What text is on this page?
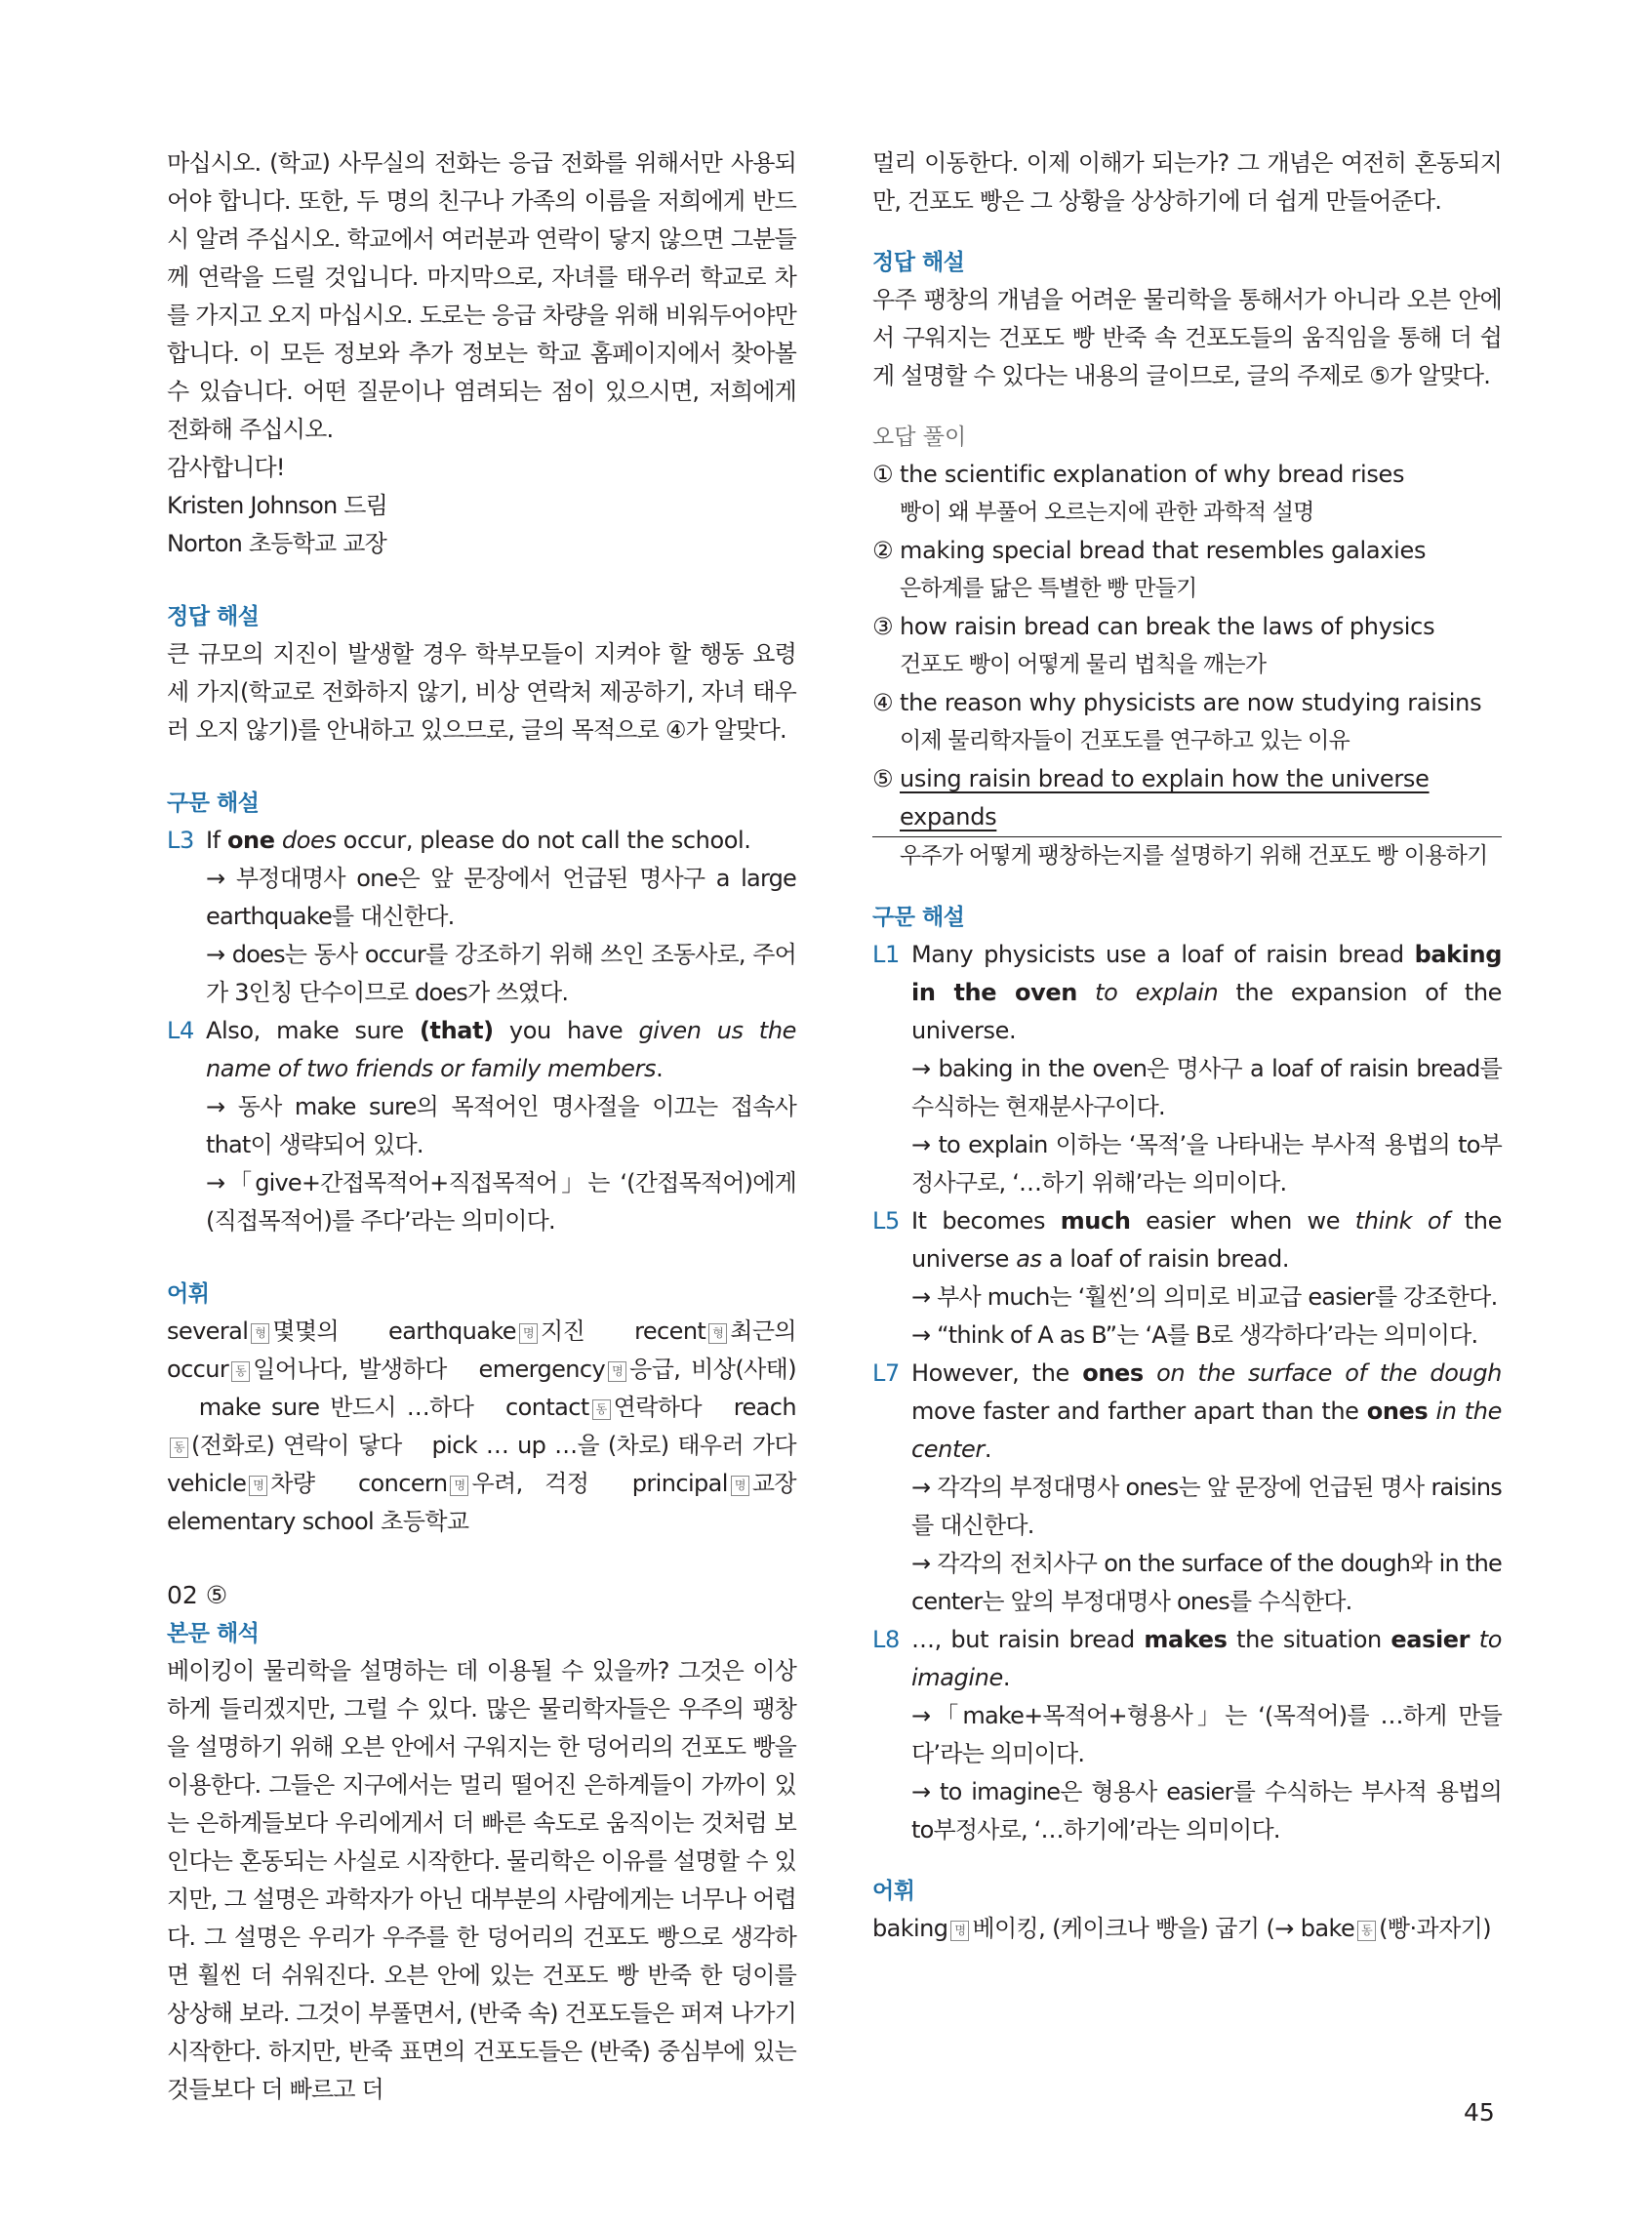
마십시오. (학교) 사무실의 전화는 응급 전화를 위해서만 사용되어야 합니다. 또한, 두 명의 친구나 가족의 이름을 저희에게 반드시 알려 주십시오. 학교에서 여러분과 연락이 닿지 않으면 그분들께 연락을 드릴 것입니다. 마지막으로, 자녀를 태우러 학교로 차를 가지고 오지 마십시오. 도로는 응급 차량을 위해 비워두어야만 합니다. 이 모든 정보와 추가 정보는 학교 홈페이지에서 찾아볼 수 있습니다. 어떤 질문이나 염려되는 점이 있으시면, 저희에게 전화해 주십시오.

감사합니다!

Kristen Johnson 드림

Norton 초등학교 교장

정답 해설

큰 규모의 지진이 발생할 경우 학부모들이 지켜야 할 행동 요령 세 가지(학교로 전화하지 않기, 비상 연락처 제공하기, 자녀 태우러 오지 않기)를 안내하고 있으므로, 글의 목적으로 ④가 알맞다.

구문 해설

L3 If one does occur, please do not call the school.

→ 부정대명사 one은 앞 문장에서 언급된 명사구 a large earthquake를 대신한다.

→ does는 동사 occur를 강조하기 위해 쓰인 조동사로, 주어가 3인칭 단수이므로 does가 쓰였다.

L4 Also, make sure (that) you have given us the name of two friends or family members.

→ 동사 make sure의 목적어인 명사절을 이끄는 접속사 that이 생략되어 있다.

→「give+간접목적어+직접목적어」는 ‘(간접목적어)에게 (직접목적어)를 주다’라는 의미이다.

어휘

several 형 몇몇의 earthquake 명 지진 recent 형 최근의 occur 동 일어나다, 발생하다 emergency 명 응급, 비상(사태) make sure 반드시 …하다 contact 동 연락하다 reach 동 (전화로) 연락이 닿다 pick … up …을 (차로) 태우러 가다 vehicle 명 차량 concern 명 우려, 걱정 principal 명 교장 elementary school 초등학교

02 ⑤

본문 해석

베이킹이 물리학을 설명하는 데 이용될 수 있을까? 그것은 이상하게 들리겠지만, 그럴 수 있다. 많은 물리학자들은 우주의 팽창을 설명하기 위해 오븐 안에서 구워지는 한 덩어리의 건포도 빵을 이용한다. 그들은 지구에서는 멀리 떨어진 은하계들이 가까이 있는 은하계들보다 우리에게서 더 빠른 속도로 움직이는 것처럼 보인다는 혼동되는 사실로 시작한다. 물리학은 이유를 설명할 수 있지만, 그 설명은 과학자가 아닌 대부분의 사람에게는 너무나 어렵다. 그 설명은 우리가 우주를 한 덩어리의 건포도 빵으로 생각하면 훨씬 더 쉬워진다. 오븐 안에 있는 건포도 빵 반죽 한 덩이를 상상해 보라. 그것이 부풀면서, (반죽 속) 건포도들은 퍼져 나가기 시작한다. 하지만, 반죽 표면의 건포도들은 (반죽) 중심부에 있는 것들보다 더 빠르고 더

멀리 이동한다. 이제 이해가 되는가? 그 개념은 여전히 혼동되지만, 건포도 빵은 그 상황을 상상하기에 더 쉽게 만들어준다.

정답 해설

우주 팽창의 개념을 어려운 물리학을 통해서가 아니라 오븐 안에서 구워지는 건포도 빵 반죽 속 건포도들의 움직임을 통해 더 쉽게 설명할 수 있다는 내용의 글이므로, 글의 주제로 ⑤가 알맞다.

오답 풀이

① the scientific explanation of why bread rises

빵이 왜 부풀어 오르는지에 관한 과학적 설명

② making special bread that resembles galaxies

은하계를 닮은 특별한 빵 만들기

③ how raisin bread can break the laws of physics

건포도 빵이 어떻게 물리 법칙을 깨는가

④ the reason why physicists are now studying raisins

이제 물리학자들이 건포도를 연구하고 있는 이유

⑤ using raisin bread to explain how the universe expands

우주가 어떻게 팽창하는지를 설명하기 위해 건포도 빵 이용하기

구문 해설

L1 Many physicists use a loaf of raisin bread baking in the oven to explain the expansion of the universe.

→ baking in the oven은 명사구 a loaf of raisin bread를 수식하는 현재분사구이다.

→ to explain 이하는 ‘목적’을 나타내는 부사적 용법의 to부정사구로, ‘…하기 위해’라는 의미이다.

L5 It becomes much easier when we think of the universe as a loaf of raisin bread.

→ 부사 much는 ‘훨씬’의 의미로 비교급 easier를 강조한다.

→ “think of A as B”는 ‘A를 B로 생각하다’라는 의미이다.

L7 However, the ones on the surface of the dough move faster and farther apart than the ones in the center.

→ 각각의 부정대명사 ones는 앞 문장에 언급된 명사 raisins를 대신한다.

→ 각각의 전치사구 on the surface of the dough와 in the center는 앞의 부정대명사 ones를 수식한다.

L8 …, but raisin bread makes the situation easier to imagine.

→「make+목적어+형용사」는 ‘(목적어)를 …하게 만들다’라는 의미이다.

→ to imagine은 형용사 easier를 수식하는 부사적 용법의 to부정사로, ‘…하기에’라는 의미이다.

어휘

baking 명 베이킹, (케이크나 빵을) 굽기 (→ bake 동 (빵·과자기)

45
